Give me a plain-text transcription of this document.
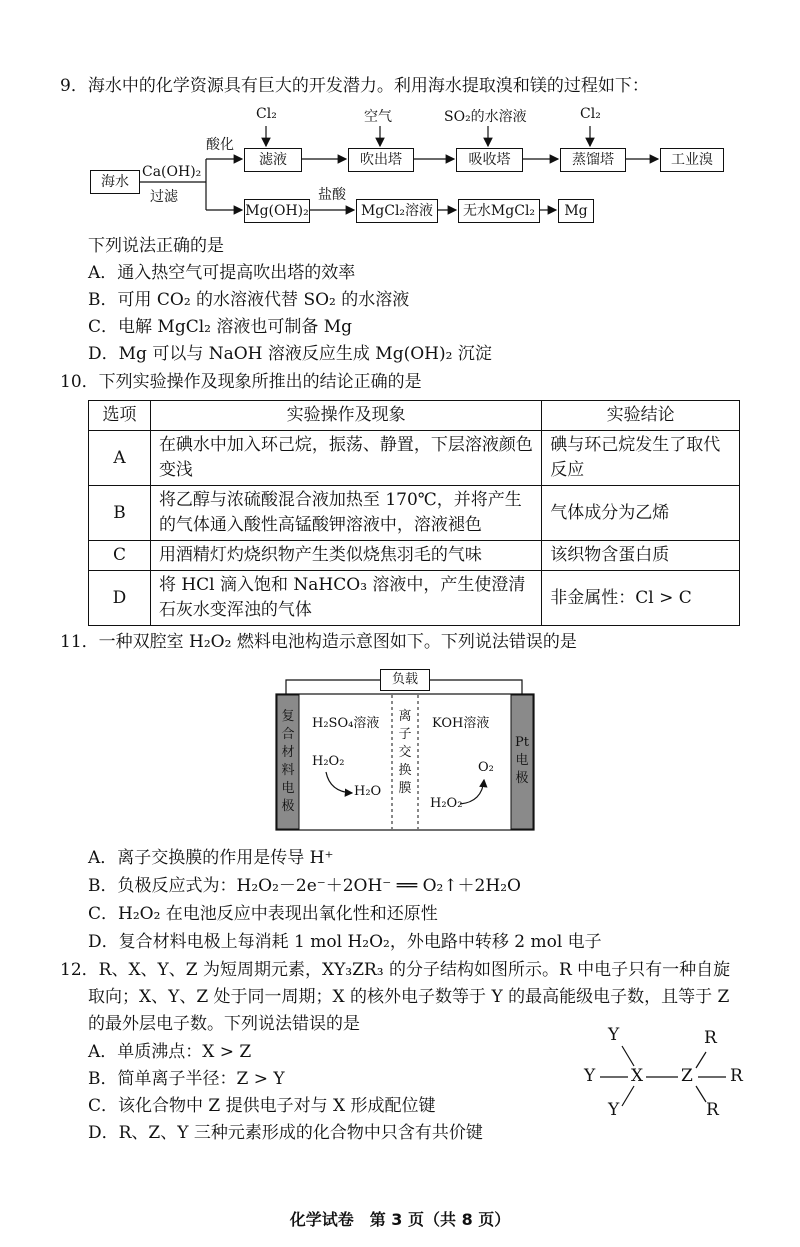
9．海水中的化学资源具有巨大的开发潜力。利用海水提取溴和镁的过程如下：
海水
Ca(OH)₂
过滤
酸化
Cl₂	空气	SO₂的水溶液	Cl₂
滤液	吹出塔	吸收塔	蒸馏塔	工业溴
Mg(OH)₂
盐酸
MgCl₂溶液	无水MgCl₂	Mg
下列说法正确的是
A．通入热空气可提高吹出塔的效率
B．可用 CO₂ 的水溶液代替 SO₂ 的水溶液
C．电解 MgCl₂ 溶液也可制备 Mg
D．Mg 可以与 NaOH 溶液反应生成 Mg(OH)₂ 沉淀
10．下列实验操作及现象所推出的结论正确的是
选项	实验操作及现象	实验结论
A	在碘水中加入环己烷，振荡、静置，下层溶液颜色变浅	碘与环己烷发生了取代反应
B	将乙醇与浓硫酸混合液加热至 170℃，并将产生的气体通入酸性高锰酸钾溶液中，溶液褪色	气体成分为乙烯
C	用酒精灯灼烧织物产生类似烧焦羽毛的气味	该织物含蛋白质
D	将 HCl 滴入饱和 NaHCO₃ 溶液中，产生使澄清石灰水变浑浊的气体	非金属性：Cl > C
11．一种双腔室 H₂O₂ 燃料电池构造示意图如下。下列说法错误的是
负载
复合材料电极
Pt电极
离子交换膜
H₂SO₄溶液	KOH溶液
H₂O₂
H₂O
H₂O₂
O₂
A．离子交换膜的作用是传导 H⁺
B．负极反应式为：H₂O₂－2e⁻＋2OH⁻ ══ O₂↑＋2H₂O
C．H₂O₂ 在电池反应中表现出氧化性和还原性
D．复合材料电极上每消耗 1 mol H₂O₂，外电路中转移 2 mol 电子
12．R、X、Y、Z 为短周期元素，XY₃ZR₃ 的分子结构如图所示。R 中电子只有一种自旋
取向；X、Y、Z 处于同一周期；X 的核外电子数等于 Y 的最高能级电子数，且等于 Z
的最外层电子数。下列说法错误的是
A．单质沸点：X > Z
B．简单离子半径：Z > Y
C．该化合物中 Z 提供电子对与 X 形成配位键
D．R、Z、Y 三种元素形成的化合物中只含有共价键
Y
Y
Y
X Z
R
R
R
化学试卷　第 3 页（共 8 页）
